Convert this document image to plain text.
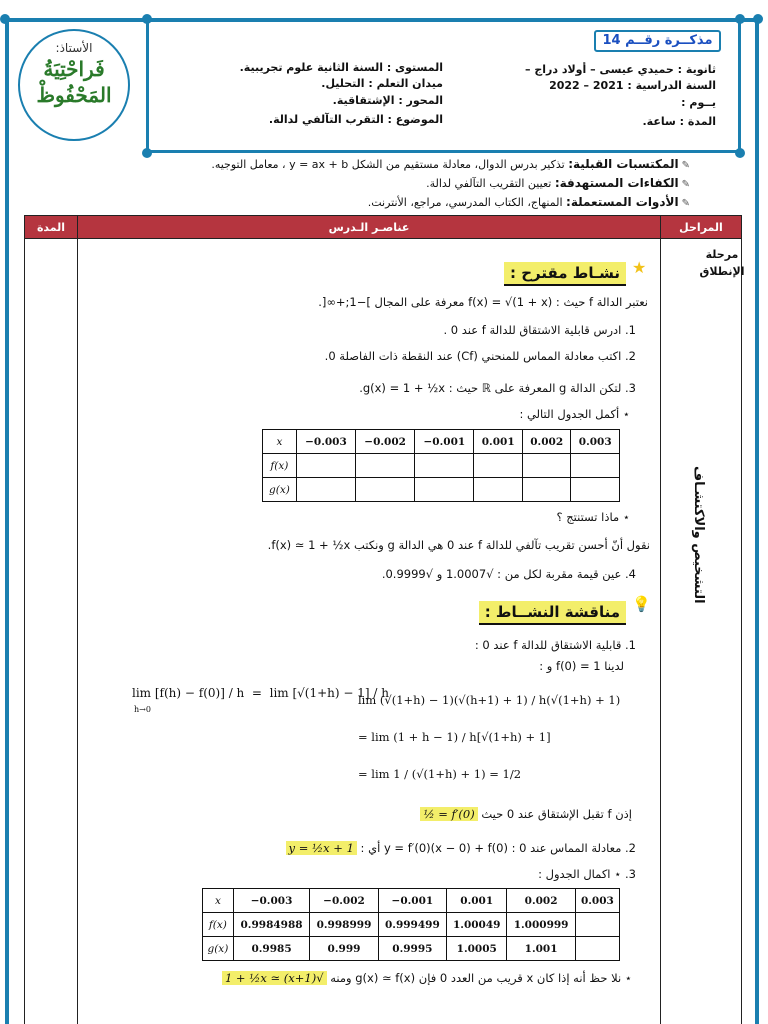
مذكــرة رقــم 14
ثانوية : حميدي عيسى – أولاد دراج –
السنة الدراسية : 2021 – 2022
يــوم :
المدة : ساعة.
المستوى : السنة الثانية علوم تجريبية.
ميدان التعلم : التحليل.
المحور : الإشتقاقية.
الموضوع : التقرب التآلفي لدالة.
الأستاذ:
فَراحْتِيَةُ
المَحْفُوظْ
✎المكتسبات القبلية: تذكير بدرس الدوال، معادلة مستقيم من الشكل y = ax + b ، معامل التوجيه.
✎الكفاءات المستهدفة: تعيين التقريب التآلفي لدالة.
✎الأدوات المستعملة: المنهاج، الكتاب المدرسي، مراجع، الأنترنت.
المراحل
عناصـر الـدرس
المدة
مرحلة الإنطلاق
التشخيص والاكتشـاف
★
نشـاط مقترح :
نعتبر الدالة f حيث : f(x) = √(1 + x) معرفة على المجال ]−1;+∞[.
1. ادرس قابلية الاشتقاق للدالة f عند 0 .
2. اكتب معادلة المماس للمنحني (Cf) عند النقطة ذات الفاصلة 0.
3. لتكن الدالة g المعرفة على ℝ حيث : g(x) = 1 + ½x.
⋆ أكمل الجدول التالي :
x	−0.003	−0.002	−0.001	0.001	0.002	0.003
f(x)						
g(x)						
⋆ ماذا تستنتج ؟
نقول أنّ أحسن تقريب تآلفي للدالة f عند 0 هي الدالة g ونكتب f(x) ≃ 1 + ½x.
4. عين قيمة مقربة لكل من : √1.0007 و √0.9999.
💡
مناقشة النشــاط :
1. قابلية الاشتقاق للدالة f عند 0 :
لدينا f(0) = 1 و :
lim [f(h) − f(0)] / h  =  lim [√(1+h) − 1] / h
h→0
lim (√(1+h) − 1)(√(h+1) + 1) / h(√(1+h) + 1)
= lim (1 + h − 1) / h[√(1+h) + 1]
= lim 1 / (√(1+h) + 1) = 1/2
إذن f تقبل الإشتقاق عند 0 حيث f′(0) = ½
2. معادلة المماس عند 0 : y = f′(0)(x − 0) + f(0) أي : y = ½x + 1
3. ⋆ اكمال الجدول :
x	−0.003	−0.002	−0.001	0.001	0.002	0.003
f(x)	0.9984988	0.998999	0.999499	1.00049	1.000999	
g(x)	0.9985	0.999	0.9995	1.0005	1.001	
⋆ نلا حظ أنه إذا كان x قريب من العدد 0 فإن g(x) ≃ f(x) ومنه √(x+1) ≃ 1 + ½x
